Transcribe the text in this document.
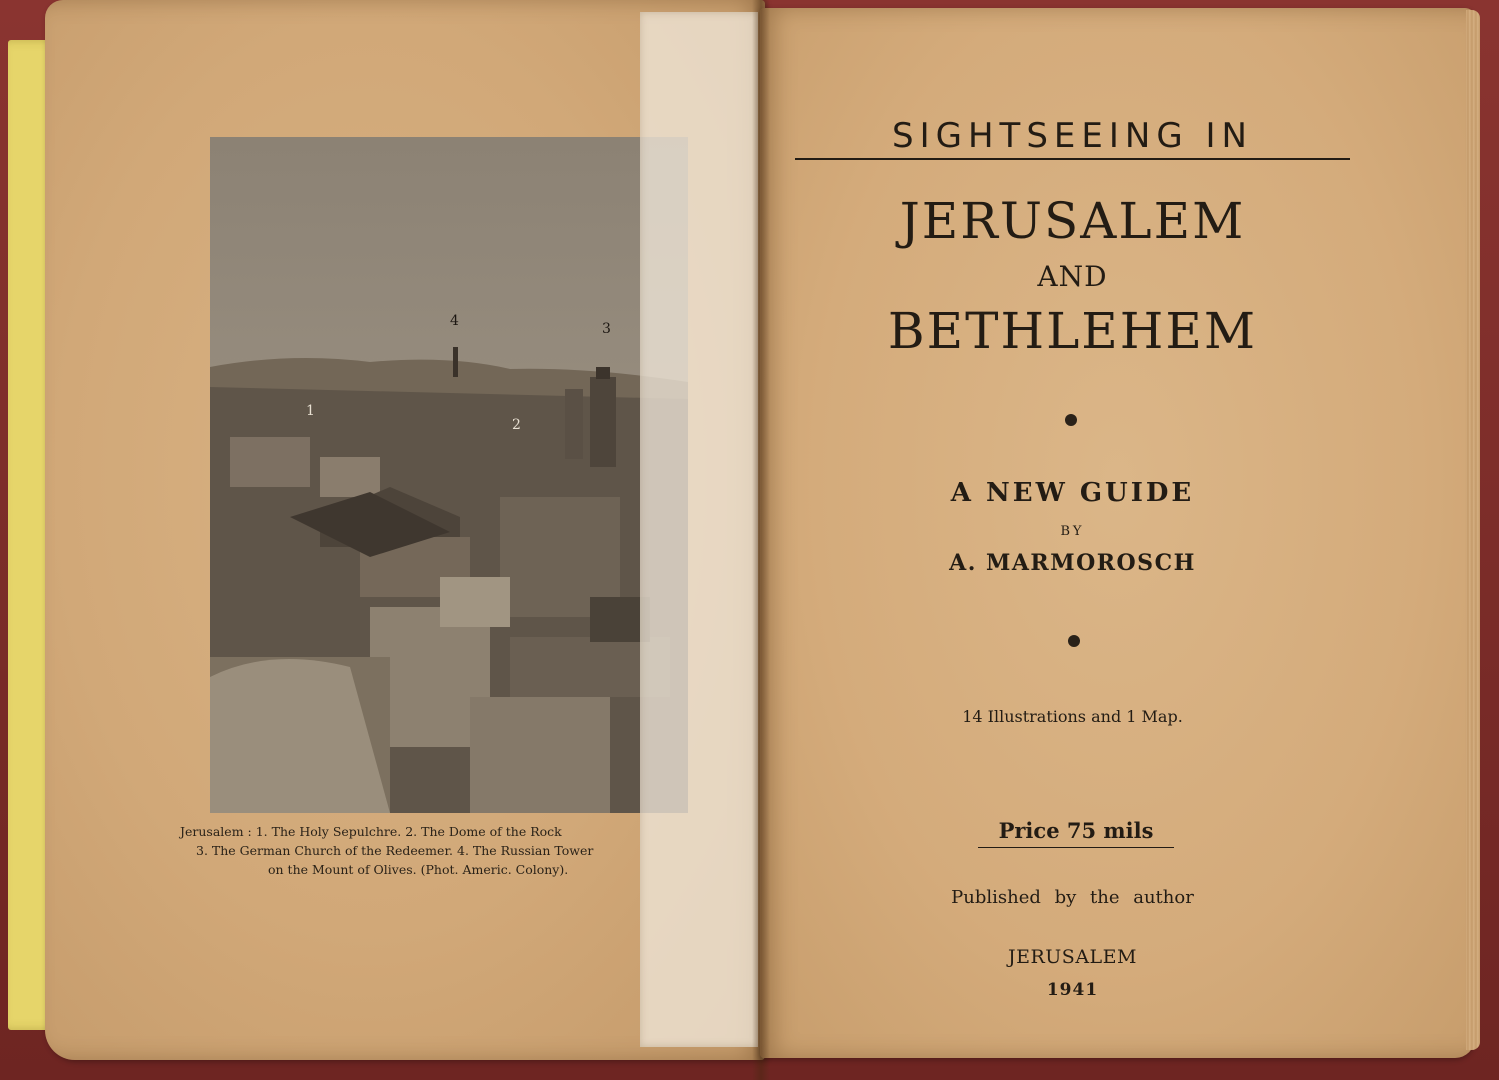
4	3
2
1
Jerusalem : 1. The Holy Sepulchre. 2. The Dome of the Rock
3. The German Church of the Redeemer. 4. The Russian Tower
on the Mount of Olives. (Phot. Americ. Colony).
SIGHTSEEING IN
JERUSALEM
AND
BETHLEHEM
A NEW GUIDE
BY
A. MARMOROSCH
14 Illustrations and 1 Map.
Price 75 mils
Published by the author
JERUSALEM
1941
